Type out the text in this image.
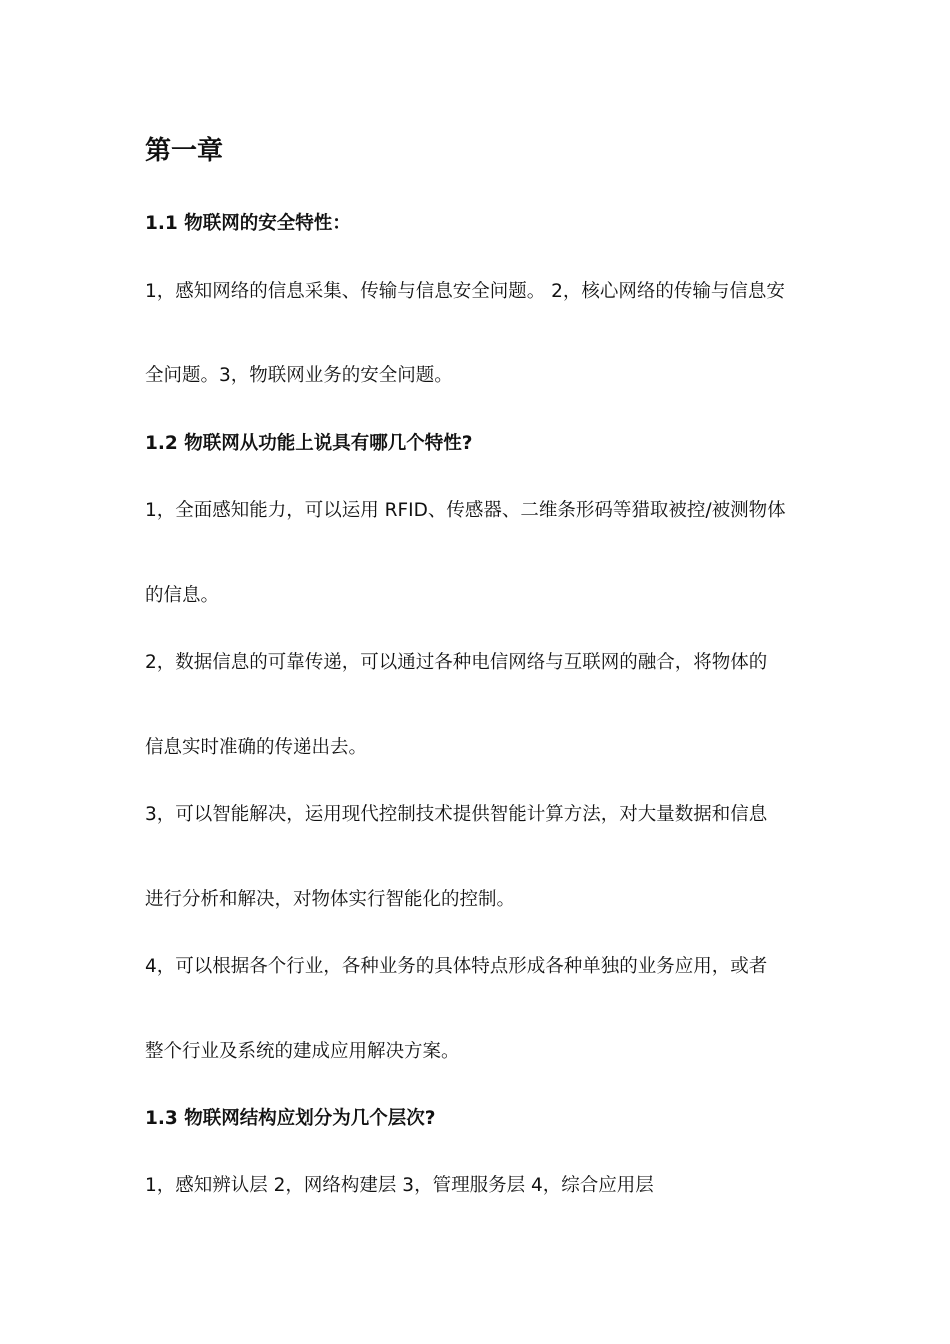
第一章
1.1 物联网的安全特性：
1，感知网络的信息采集、传输与信息安全问题。 2，核心网络的传输与信息安
全问题。3，物联网业务的安全问题。
1.2 物联网从功能上说具有哪几个特性?
1，全面感知能力，可以运用 RFID、传感器、二维条形码等猎取被控/被测物体
的信息。
2，数据信息的可靠传递，可以通过各种电信网络与互联网的融合，将物体的
信息实时准确的传递出去。
3，可以智能解决，运用现代控制技术提供智能计算方法，对大量数据和信息
进行分析和解决，对物体实行智能化的控制。
4，可以根据各个行业，各种业务的具体特点形成各种单独的业务应用，或者
整个行业及系统的建成应用解决方案。
1.3 物联网结构应划分为几个层次?
1，感知辨认层 2，网络构建层 3，管理服务层 4，综合应用层
